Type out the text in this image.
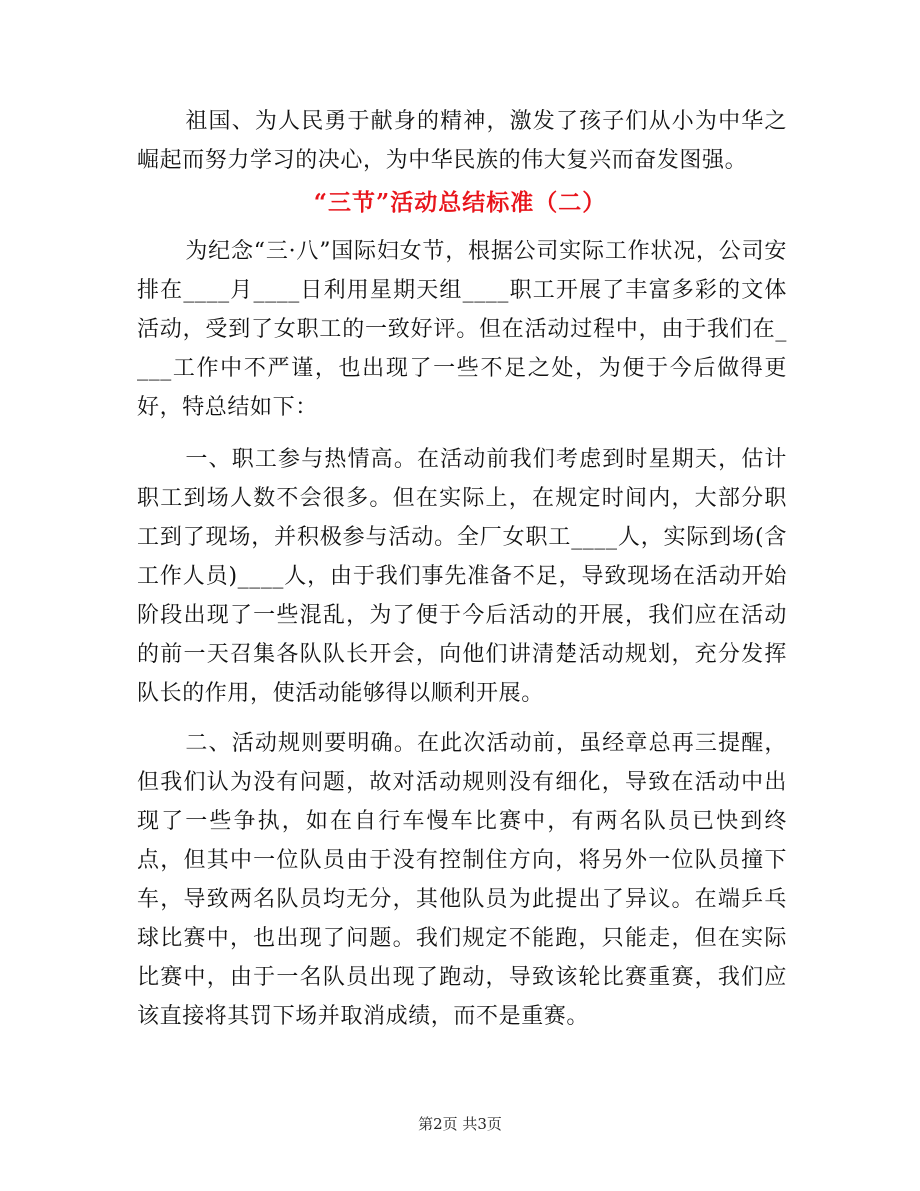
祖国、为人民勇于献身的精神，激发了孩子们从小为中华之崛起而努力学习的决心，为中华民族的伟大复兴而奋发图强。

“三节”活动总结标准（二）

为纪念“三·八”国际妇女节，根据公司实际工作状况，公司安排在____月____日利用星期天组____职工开展了丰富多彩的文体活动，受到了女职工的一致好评。但在活动过程中，由于我们在____工作中不严谨，也出现了一些不足之处，为便于今后做得更好，特总结如下：

一、职工参与热情高。在活动前我们考虑到时星期天，估计职工到场人数不会很多。但在实际上，在规定时间内，大部分职工到了现场，并积极参与活动。全厂女职工____人，实际到场(含工作人员)____人，由于我们事先准备不足，导致现场在活动开始阶段出现了一些混乱，为了便于今后活动的开展，我们应在活动的前一天召集各队队长开会，向他们讲清楚活动规划，充分发挥队长的作用，使活动能够得以顺利开展。

二、活动规则要明确。在此次活动前，虽经章总再三提醒，但我们认为没有问题，故对活动规则没有细化，导致在活动中出现了一些争执，如在自行车慢车比赛中，有两名队员已快到终点，但其中一位队员由于没有控制住方向，将另外一位队员撞下车，导致两名队员均无分，其他队员为此提出了异议。在端乒乓球比赛中，也出现了问题。我们规定不能跑，只能走，但在实际比赛中，由于一名队员出现了跑动，导致该轮比赛重赛，我们应该直接将其罚下场并取消成绩，而不是重赛。

第2页 共3页
